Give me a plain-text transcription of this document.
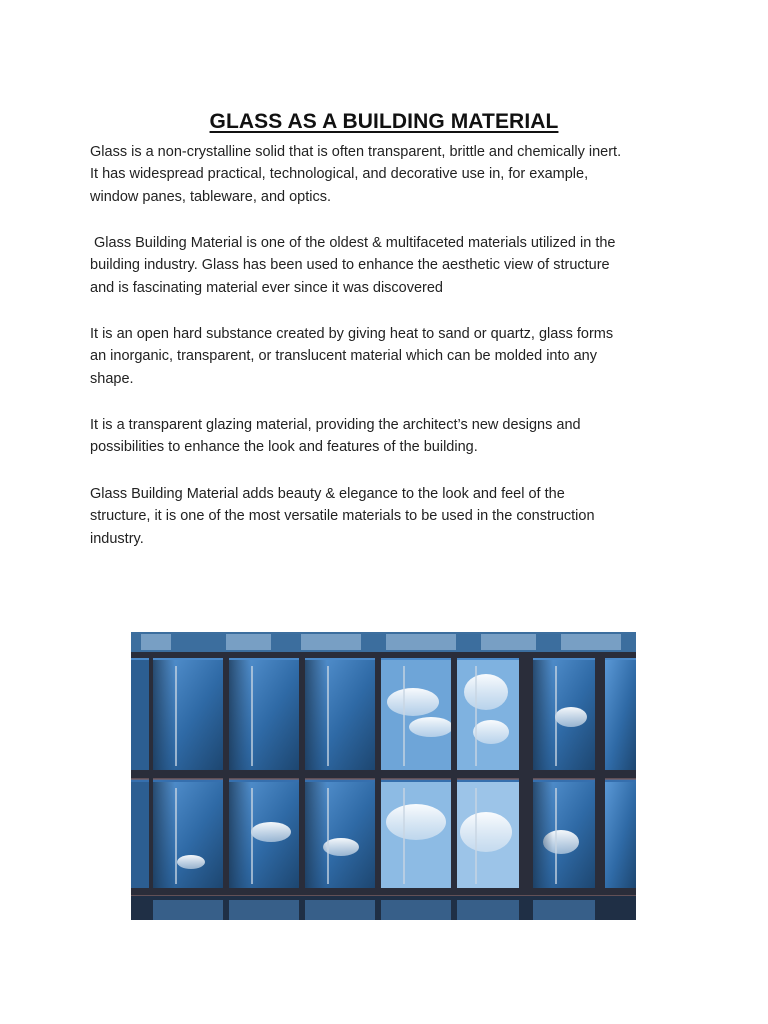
GLASS AS A BUILDING MATERIAL

Glass is a non-crystalline solid that is often transparent, brittle and chemically inert.
It has widespread practical, technological, and decorative use in, for example,
window panes, tableware, and optics.

Glass Building Material is one of the oldest & multifaceted materials utilized in the
building industry. Glass has been used to enhance the aesthetic view of structure
and is fascinating material ever since it was discovered

It is an open hard substance created by giving heat to sand or quartz, glass forms
an inorganic, transparent, or translucent material which can be molded into any
shape.

It is a transparent glazing material, providing the architect’s new designs and
possibilities to enhance the look and features of the building.

Glass Building Material adds beauty & elegance to the look and feel of the
structure, it is one of the most versatile materials to be used in the construction
industry.
